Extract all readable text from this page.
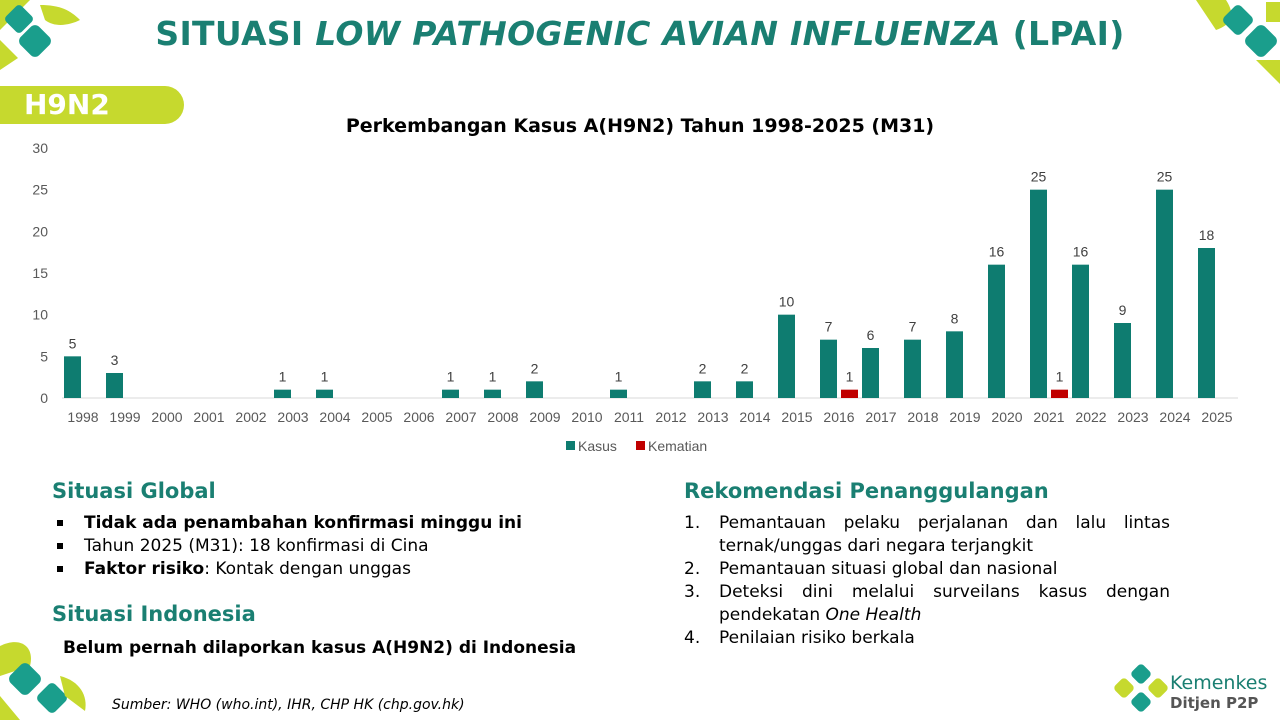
SITUASI LOW PATHOGENIC AVIAN INFLUENZA (LPAI)
H9N2
Perkembangan Kasus A(H9N2) Tahun 1998-2025 (M31)
0
5
10
15
20
25
30
1998
5
1999
3
2000 2001 2002 2003
1
2004
1
2005 2006 2007
1
2008
1
2009
2
2010 2011
1
2012 2013
2
2014
2
2015
10
2016
7
1
2017
6
2018
7
2019
8
2020
16
2021
25
1
2022
16
2023
9
2024
25
2025
18
Kasus Kematian
Situasi Global
Tidak ada penambahan konfirmasi minggu ini
Tahun 2025 (M31): 18 konfirmasi di Cina
Faktor risiko: Kontak dengan unggas
Situasi Indonesia
Belum pernah dilaporkan kasus A(H9N2) di Indonesia
Rekomendasi Penanggulangan
1. Pemantauan pelaku perjalanan dan lalu lintas ternak/unggas dari negara terjangkit
2. Pemantauan situasi global dan nasional
3. Deteksi dini melalui surveilans kasus dengan pendekatan One Health
4. Penilaian risiko berkala
Sumber: WHO (who.int), IHR, CHP HK (chp.gov.hk)
Kemenkes
Ditjen P2P
